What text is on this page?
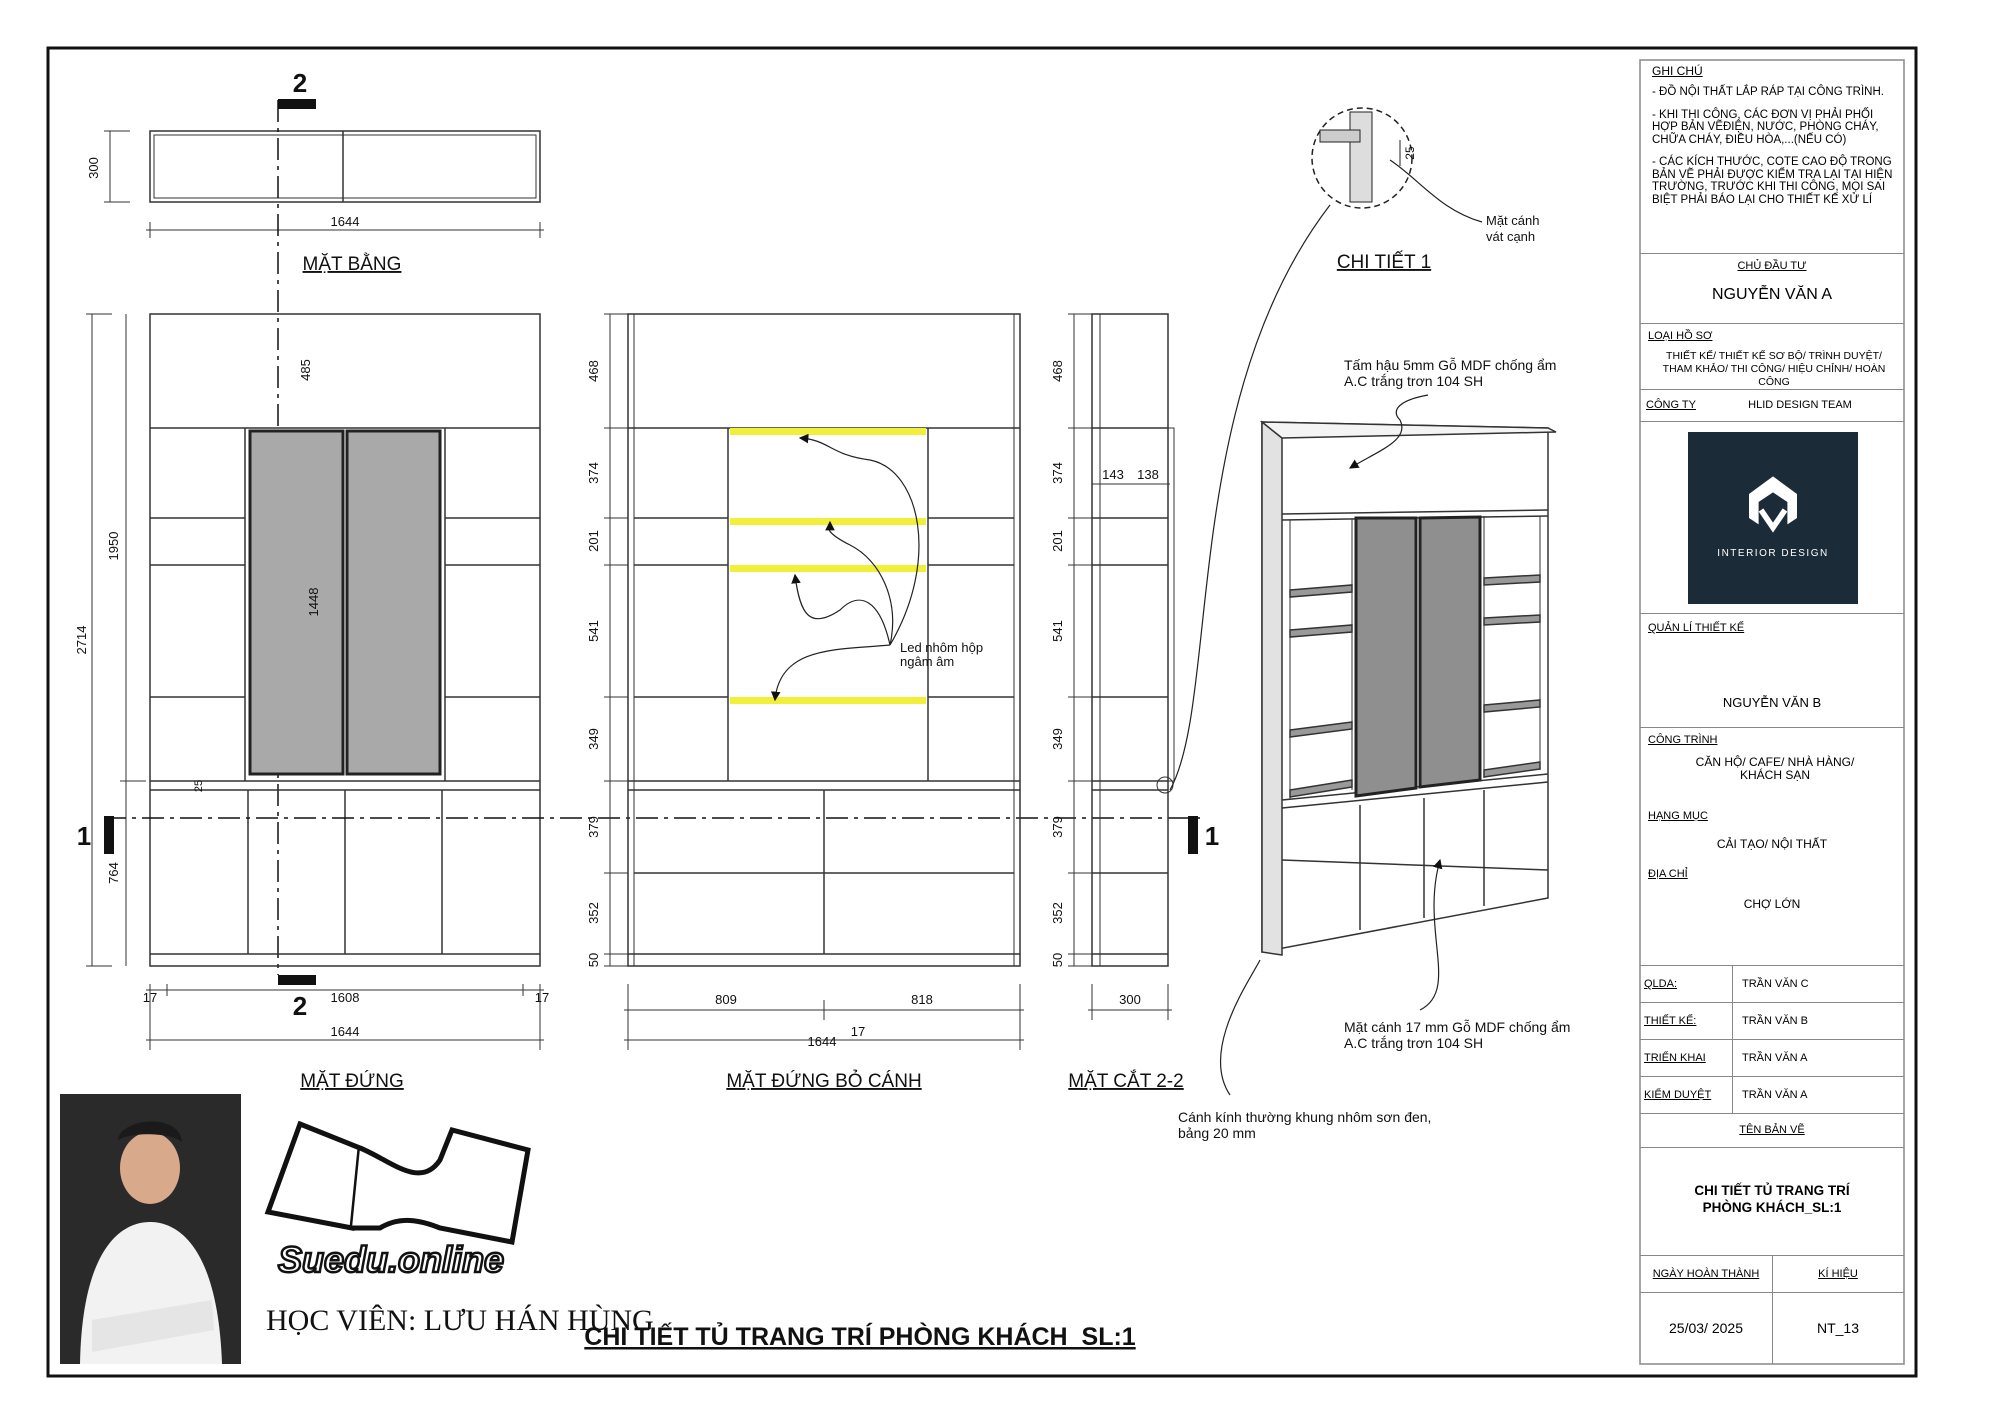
300
1644
MẶT BẰNG
2
2
2714
1950
764
485
1448
25
17	1608	17
1644
MẶT ĐỨNG
1	1
Led nhôm hộp
ngâm âm
468
374
201
541
349
379
352
50
809	818
17
1644
MẶT ĐỨNG BỎ CÁNH
468
374
201
541
349
379
352
50
143 138
300
MẶT CẮT 2-2
25
Mặt cánh
vát cạnh
CHI TIẾT 1
Tấm hậu 5mm Gỗ MDF chống ẩm
A.C trắng trơn 104 SH
Mặt cánh 17 mm Gỗ MDF chống ẩm
A.C trắng trơn 104 SH
Cánh kính thường khung nhôm sơn đen,
bảng 20 mm
Suedu.online
HỌC VIÊN: LƯU HÁN HÙNG
CHI TIẾT TỦ TRANG TRÍ PHÒNG KHÁCH_SL:1
GHI CHÚ

- ĐỒ NỘI THẤT LẮP RÁP TẠI CÔNG TRÌNH.

- KHI THI CÔNG, CÁC ĐƠN VỊ PHẢI PHỐI HỢP BẢN VẼĐIỆN, NƯỚC, PHÒNG CHÁY, CHỮA CHÁY, ĐIỀU HÒA,...(NẾU CÓ)

- CÁC KÍCH THƯỚC, COTE CAO ĐỘ TRONG BẢN VẼ PHẢI ĐƯỢC KIỂM TRA LẠI TẠI HIỆN TRƯỜNG, TRƯỚC KHI THI CÔNG, MỌI SAI BIỆT PHẢI BÁO LẠI CHO THIẾT KẾ XỬ LÍ

CHỦ ĐẦU TƯ
NGUYỄN VĂN A
LOẠI HỒ SƠ
THIẾT KẾ/ THIẾT KẾ SƠ BỘ/ TRÌNH DUYỆT/ THAM KHẢO/ THI CÔNG/ HIỆU CHỈNH/ HOÀN CÔNG
CÔNG TY	HLID DESIGN TEAM
INTERIOR DESIGN
QUẢN LÍ THIẾT KẾ
NGUYỄN VĂN B
CÔNG TRÌNH
CĂN HỘ/ CAFE/ NHÀ HÀNG/ KHÁCH SẠN
HẠNG MỤC
CẢI TẠO/ NỘI THẤT
ĐỊA CHỈ
CHỢ LỚN
QLDA:	TRẦN VĂN C
THIẾT KẾ:	TRẦN VĂN B
TRIỂN KHAI	TRẦN VĂN A
KIỂM DUYỆT	TRẦN VĂN A
TÊN BẢN VẼ
CHI TIẾT TỦ TRANG TRÍ PHÒNG KHÁCH_SL:1
NGÀY HOÀN THÀNH	KÍ HIỆU
25/03/ 2025	NT_13
